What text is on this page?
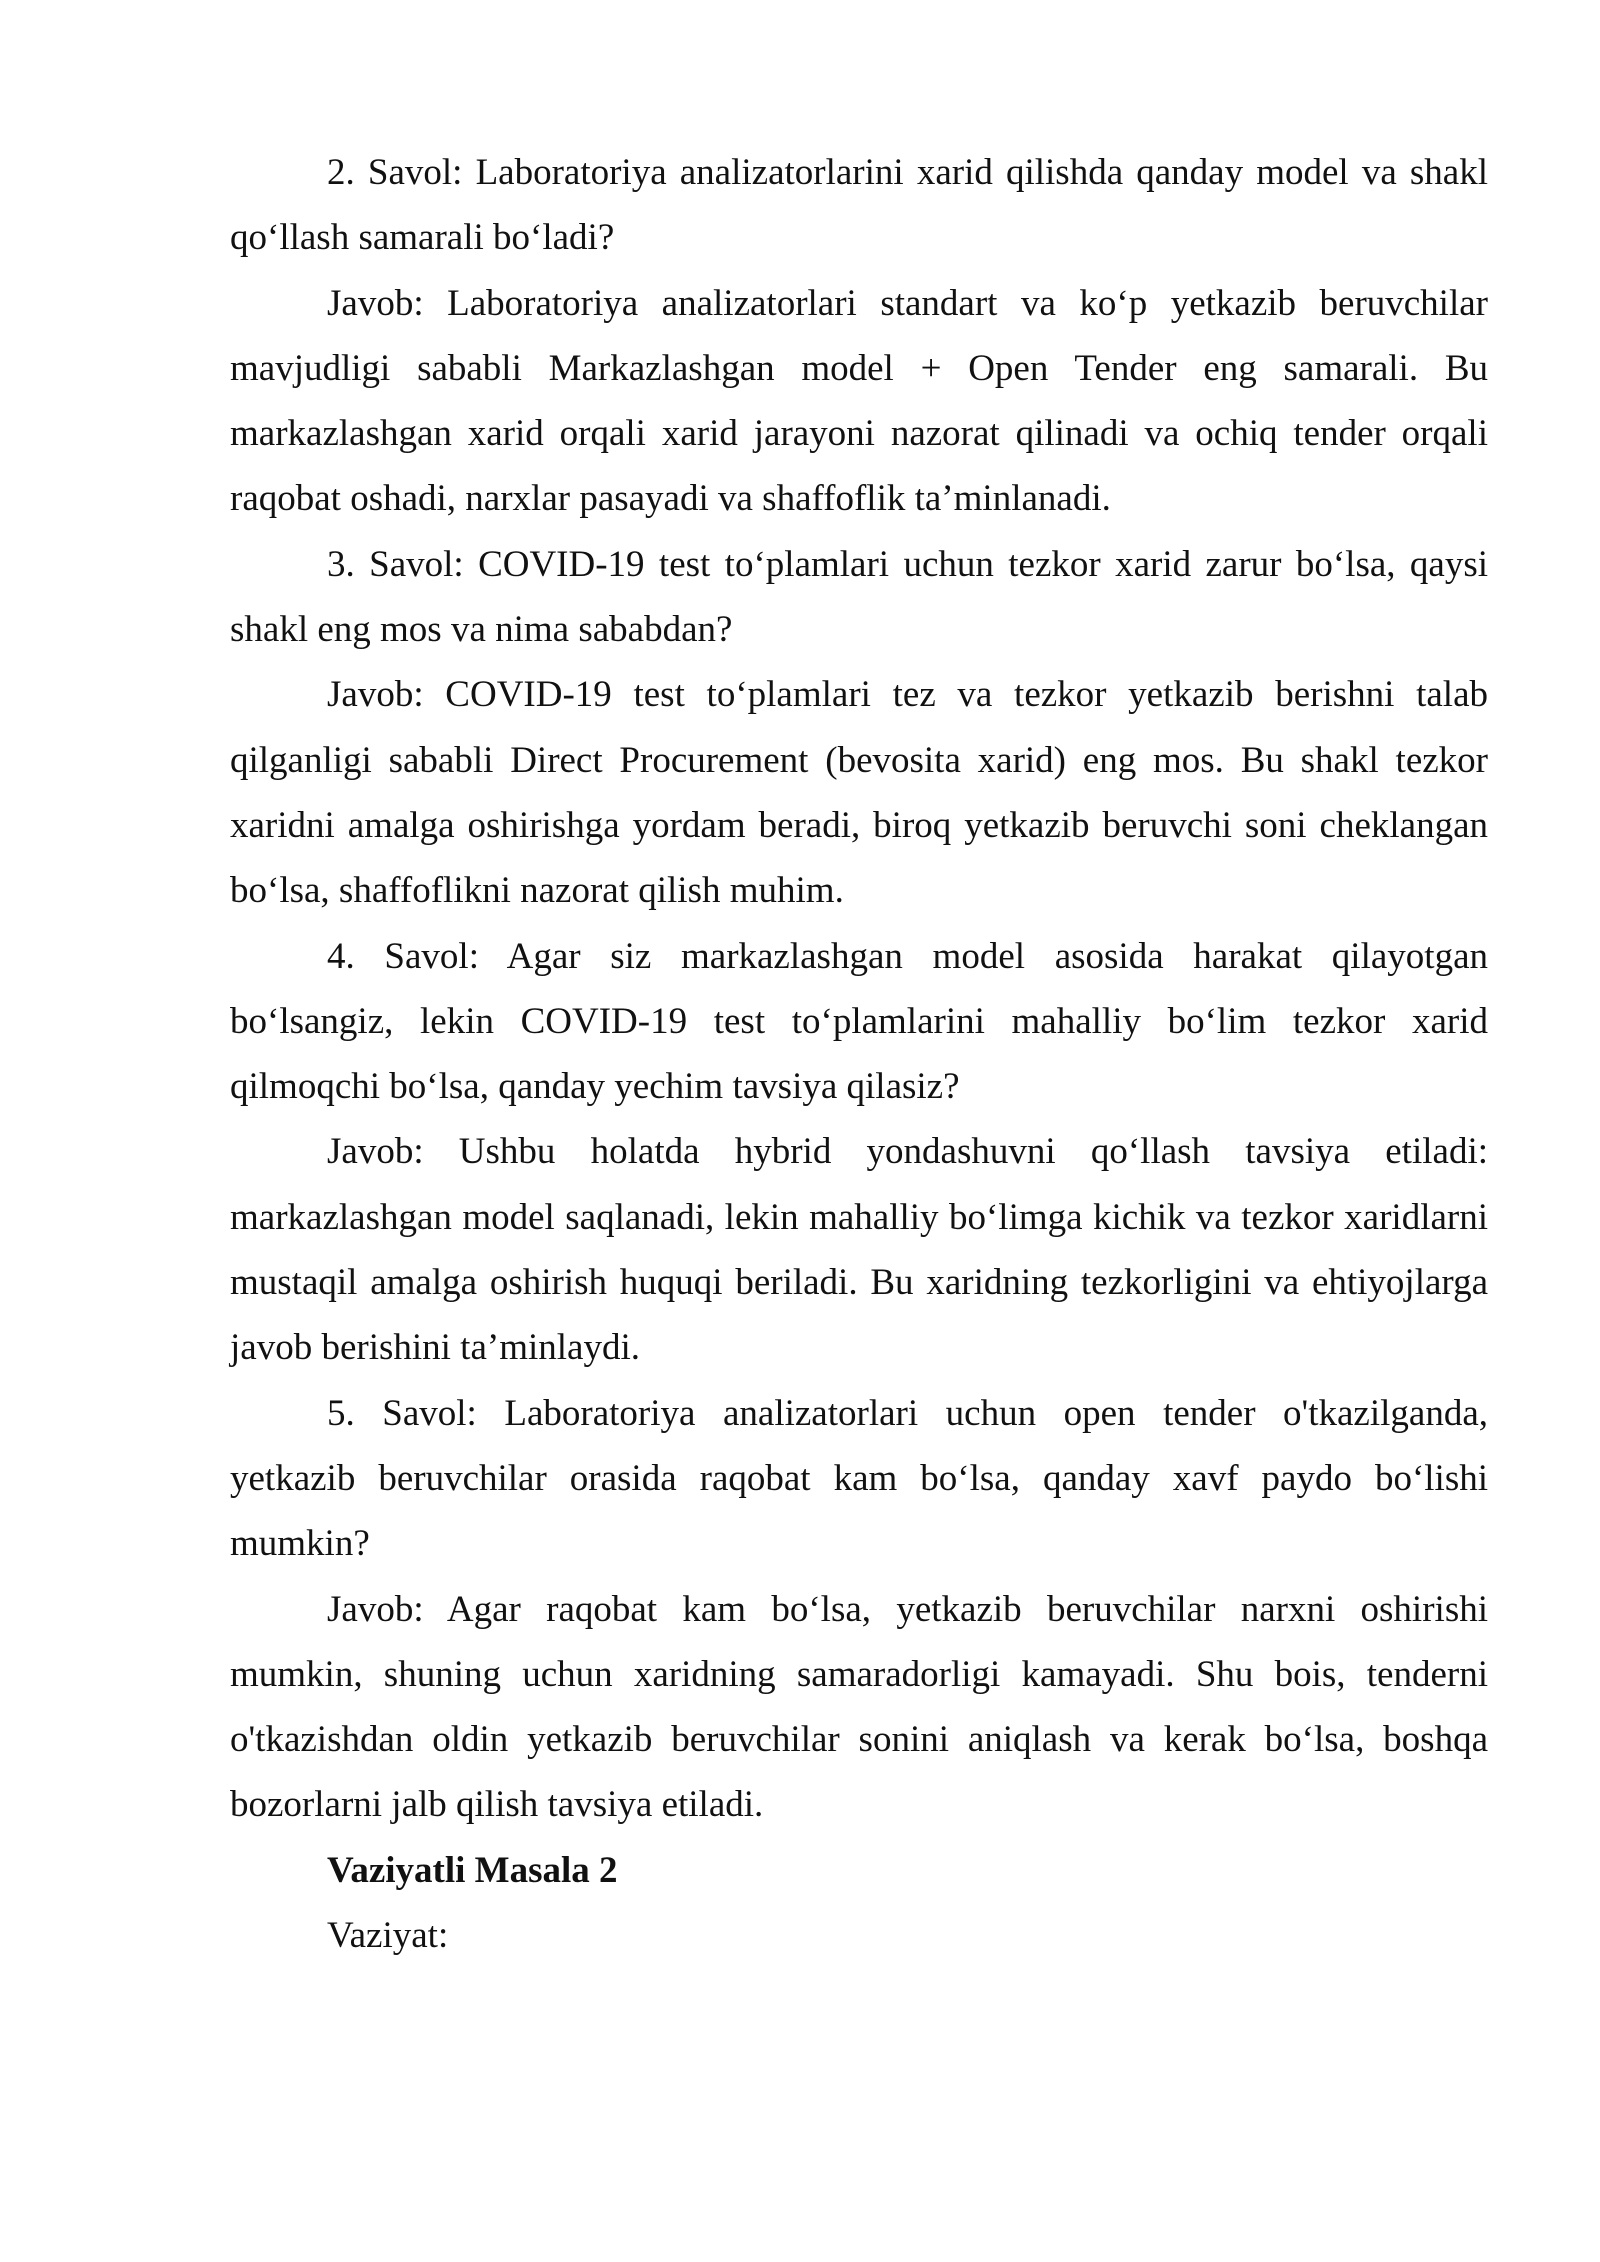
2. Savol: Laboratoriya analizatorlarini xarid qilishda qanday model va shakl qo‘llash samarali bo‘ladi?

Javob: Laboratoriya analizatorlari standart va ko‘p yetkazib beruvchilar mavjudligi sababli Markazlashgan model + Open Tender eng samarali. Bu markazlashgan xarid orqali xarid jarayoni nazorat qilinadi va ochiq tender orqali raqobat oshadi, narxlar pasayadi va shaffoflik ta’minlanadi.

3. Savol: COVID-19 test to‘plamlari uchun tezkor xarid zarur bo‘lsa, qaysi shakl eng mos va nima sababdan?

Javob: COVID-19 test to‘plamlari tez va tezkor yetkazib berishni talab qilganligi sababli Direct Procurement (bevosita xarid) eng mos. Bu shakl tezkor xaridni amalga oshirishga yordam beradi, biroq yetkazib beruvchi soni cheklangan bo‘lsa, shaffoflikni nazorat qilish muhim.

4. Savol: Agar siz markazlashgan model asosida harakat qilayotgan bo‘lsangiz, lekin COVID-19 test to‘plamlarini mahalliy bo‘lim tezkor xarid qilmoqchi bo‘lsa, qanday yechim tavsiya qilasiz?

Javob: Ushbu holatda hybrid yondashuvni qo‘llash tavsiya etiladi: markazlashgan model saqlanadi, lekin mahalliy bo‘limga kichik va tezkor xaridlarni mustaqil amalga oshirish huquqi beriladi. Bu xaridning tezkorligini va ehtiyojlarga javob berishini ta’minlaydi.

5. Savol: Laboratoriya analizatorlari uchun open tender o'tkazilganda, yetkazib beruvchilar orasida raqobat kam bo‘lsa, qanday xavf paydo bo‘lishi mumkin?

Javob: Agar raqobat kam bo‘lsa, yetkazib beruvchilar narxni oshirishi mumkin, shuning uchun xaridning samaradorligi kamayadi. Shu bois, tenderni o'tkazishdan oldin yetkazib beruvchilar sonini aniqlash va kerak bo‘lsa, boshqa bozorlarni jalb qilish tavsiya etiladi.

Vaziyatli Masala 2

Vaziyat:
